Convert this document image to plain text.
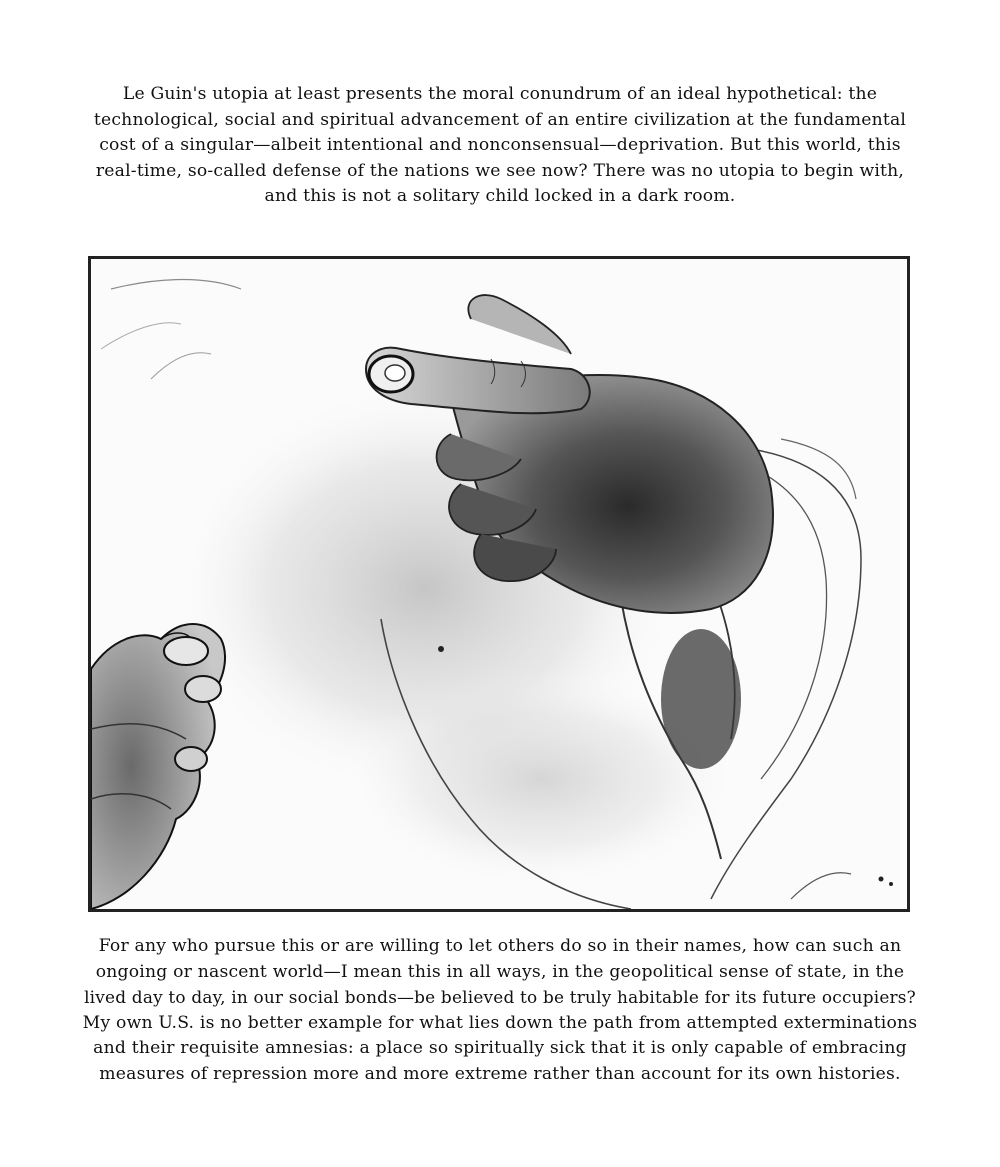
Le Guin's utopia at least presents the moral conundrum of an ideal hypothetical: the
technological, social and spiritual advancement of an entire civilization at the fundamental
cost of a singular—albeit intentional and nonconsensual—deprivation. But this world, this
real-time, so-called defense of the nations we see now? There was no utopia to begin with,
and this is not a solitary child locked in a dark room.
For any who pursue this or are willing to let others do so in their names, how can such an
ongoing or nascent world—I mean this in all ways, in the geopolitical sense of state, in the
lived day to day, in our social bonds—be believed to be truly habitable for its future occupiers?
My own U.S. is no better example for what lies down the path from attempted exterminations
and their requisite amnesias: a place so spiritually sick that it is only capable of embracing
measures of repression more and more extreme rather than account for its own histories.
